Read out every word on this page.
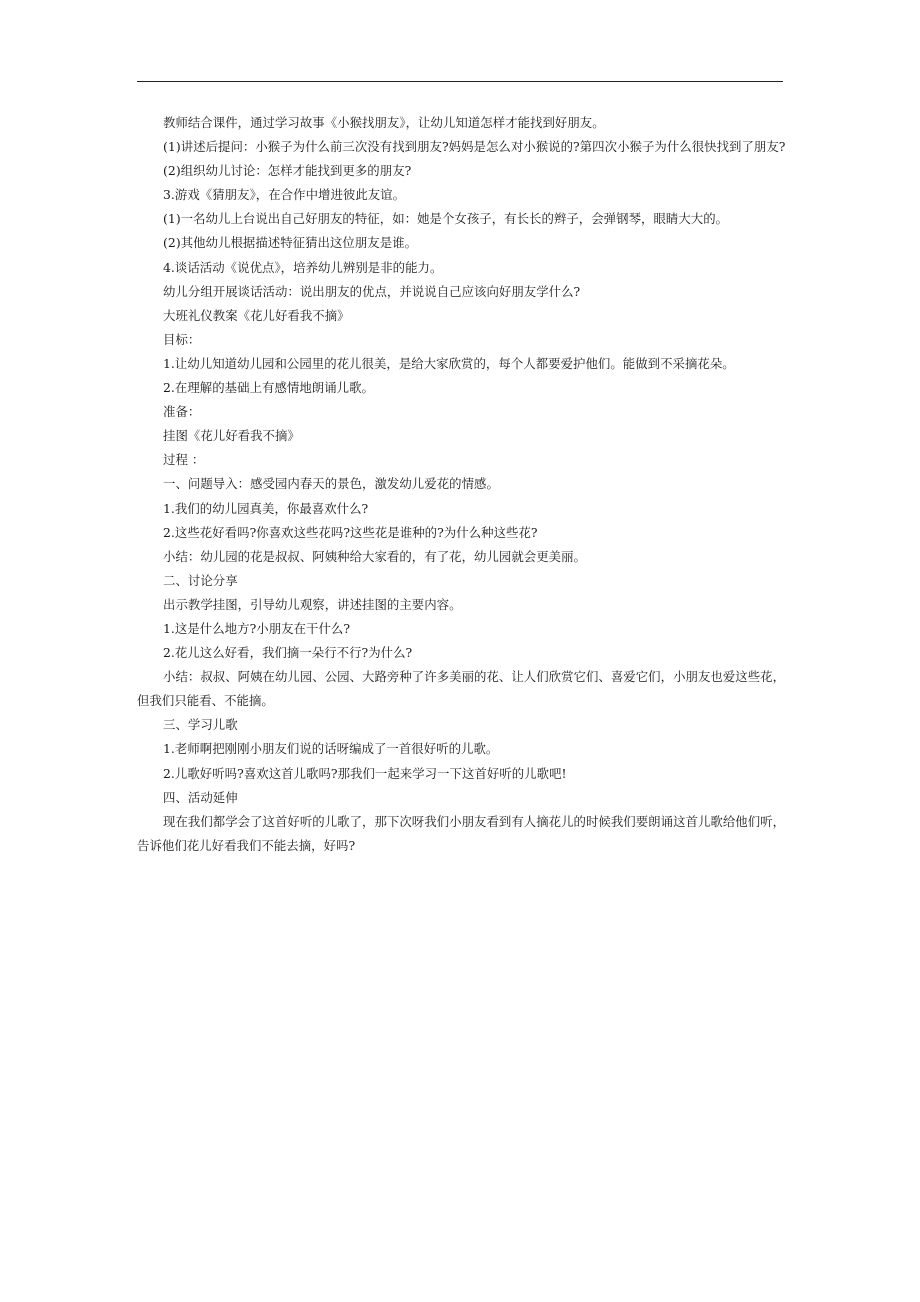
教师结合课件，通过学习故事《小猴找朋友》，让幼儿知道怎样才能找到好朋友。

(1)讲述后提问：小猴子为什么前三次没有找到朋友?妈妈是怎么对小猴说的?第四次小猴子为什么很快找到了朋友?

(2)组织幼儿讨论：怎样才能找到更多的朋友?

3.游戏《猜朋友》，在合作中增进彼此友谊。

(1)一名幼儿上台说出自己好朋友的特征，如：她是个女孩子，有长长的辫子，会弹钢琴，眼睛大大的。

(2)其他幼儿根据描述特征猜出这位朋友是谁。

4.谈话活动《说优点》，培养幼儿辨别是非的能力。

幼儿分组开展谈话活动：说出朋友的优点，并说说自己应该向好朋友学什么?

大班礼仪教案《花儿好看我不摘》

目标：

1.让幼儿知道幼儿园和公园里的花儿很美，是给大家欣赏的，每个人都要爱护他们。能做到不采摘花朵。

2.在理解的基础上有感情地朗诵儿歌。

准备：

挂图《花儿好看我不摘》

过程 ：

一、问题导入：感受园内春天的景色，激发幼儿爱花的情感。

1.我们的幼儿园真美，你最喜欢什么?

2.这些花好看吗?你喜欢这些花吗?这些花是谁种的?为什么种这些花?

小结：幼儿园的花是叔叔、阿姨种给大家看的，有了花，幼儿园就会更美丽。

二、讨论分享

出示教学挂图，引导幼儿观察，讲述挂图的主要内容。

1.这是什么地方?小朋友在干什么?

2.花儿这么好看，我们摘一朵行不行?为什么?

小结：叔叔、阿姨在幼儿园、公园、大路旁种了许多美丽的花、让人们欣赏它们、喜爱它们，小朋友也爱这些花，

但我们只能看、不能摘。

三、学习儿歌

1.老师啊把刚刚小朋友们说的话呀编成了一首很好听的儿歌。

2.儿歌好听吗?喜欢这首儿歌吗?那我们一起来学习一下这首好听的儿歌吧!

四、活动延伸

现在我们都学会了这首好听的儿歌了，那下次呀我们小朋友看到有人摘花儿的时候我们要朗诵这首儿歌给他们听，

告诉他们花儿好看我们不能去摘，好吗?
